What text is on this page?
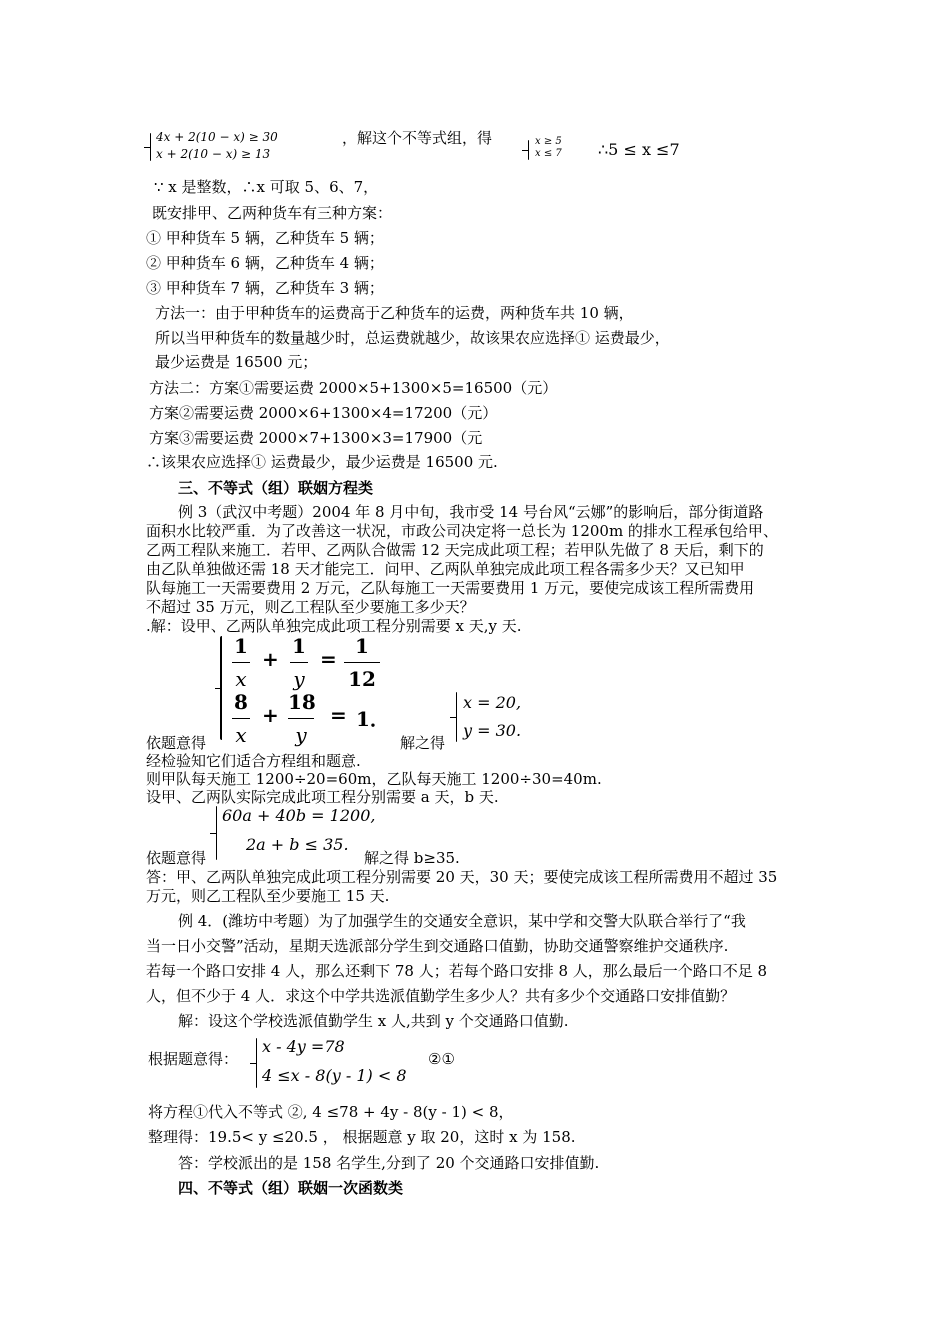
4x + 2(10 − x) ≥ 30
x + 2(10 − x) ≥ 13
，解这个不等式组，得	x ≥ 5
x ≤ 7 ∴5 ≤ x ≤7
∵ x 是整数，∴x 可取 5、6、7，
既安排甲、乙两种货车有三种方案：
① 甲种货车 5 辆，乙种货车 5 辆；
② 甲种货车 6 辆，乙种货车 4 辆；
③ 甲种货车 7 辆，乙种货车 3 辆；
方法一：由于甲种货车的运费高于乙种货车的运费，两种货车共 10 辆，
所以当甲种货车的数量越少时，总运费就越少，故该果农应选择① 运费最少，
最少运费是 16500 元；
方法二：方案①需要运费 2000×5+1300×5=16500（元）
方案②需要运费 2000×6+1300×4=17200（元）
方案③需要运费 2000×7+1300×3=17900（元
∴该果农应选择① 运费最少，最少运费是 16500 元.
三、不等式（组）联姻方程类
例 3（武汉中考题）2004 年 8 月中旬，我市受 14 号台风“云娜”的影响后，部分街道路
面积水比较严重．为了改善这一状况，市政公司决定将一总长为 1200m 的排水工程承包给甲、
乙两工程队来施工．若甲、乙两队合做需 12 天完成此项工程；若甲队先做了 8 天后，剩下的
由乙队单独做还需 18 天才能完工．问甲、乙两队单独完成此项工程各需多少天？又已知甲
队每施工一天需要费用 2 万元，乙队每施工一天需要费用 1 万元，要使完成该工程所需费用
不超过 35 万元，则乙工程队至少要施工多少天？
.解：设甲、乙两队单独完成此项工程分别需要 x 天,y 天.
1
x
+
1
y
=
1
12
8
x
+
18
y
= 1．
依题意得	解之得
x = 20,
y = 30.
经检验知它们适合方程组和题意.
则甲队每天施工 1200÷20=60m，乙队每天施工 1200÷30=40m.
设甲、乙两队实际完成此项工程分别需要 a 天，b 天.
60a + 40b = 1200,
2a + b ≤ 35.
依题意得	解之得 b≥35.
答：甲、乙两队单独完成此项工程分别需要 20 天，30 天；要使完成该工程所需费用不超过 35
万元，则乙工程队至少要施工 15 天.
例 4．(潍坊中考题）为了加强学生的交通安全意识，某中学和交警大队联合举行了“我
当一日小交警”活动，星期天选派部分学生到交通路口值勤，协助交通警察维护交通秩序.
若每一个路口安排 4 人，那么还剩下 78 人；若每个路口安排 8 人，那么最后一个路口不足 8
人，但不少于 4 人．求这个中学共选派值勤学生多少人？共有多少个交通路口安排值勤？
解：设这个学校选派值勤学生 x 人,共到 y 个交通路口值勤.
根据题意得：
x - 4y =78
4 ≤x - 8(y - 1) < 8
②①
将方程①代入不等式 ②, 4 ≤78 + 4y - 8(y - 1) < 8，
整理得：19.5< y ≤20.5 ， 根据题意 y 取 20，这时 x 为 158.
答：学校派出的是 158 名学生,分到了 20 个交通路口安排值勤.
四、不等式（组）联姻一次函数类
